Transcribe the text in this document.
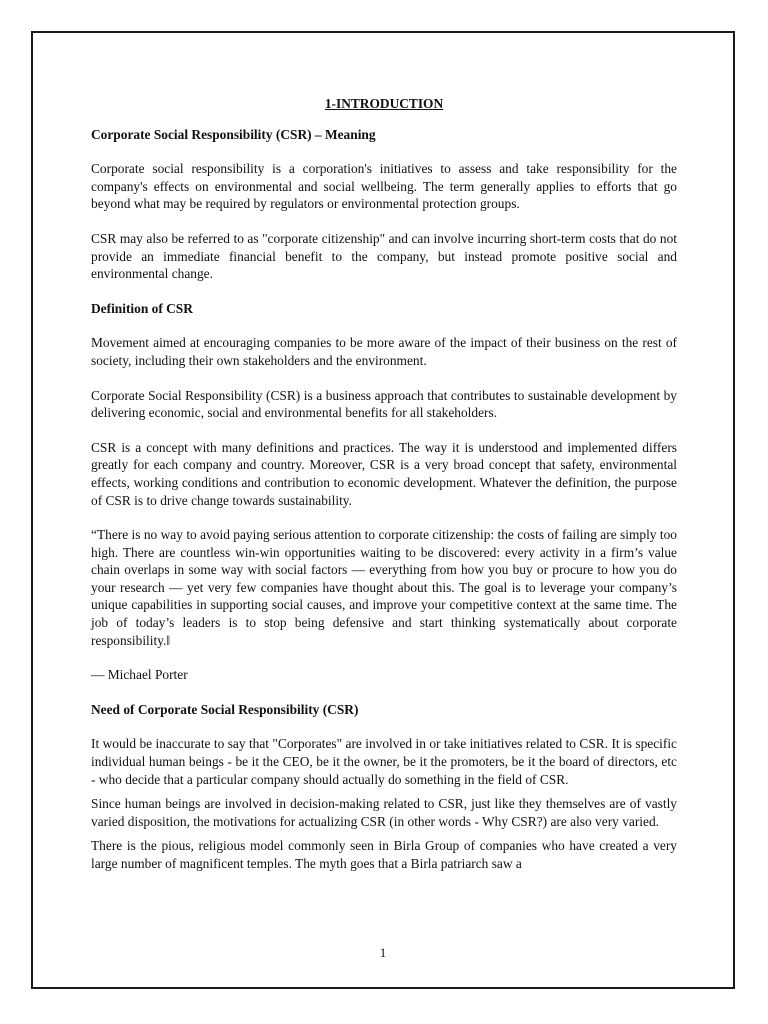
1-INTRODUCTION
Corporate Social Responsibility (CSR) – Meaning

Corporate social responsibility is a corporation's initiatives to assess and take responsibility for the company's effects on environmental and social wellbeing. The term generally applies to efforts that go beyond what may be required by regulators or environmental protection groups.

CSR may also be referred to as "corporate citizenship" and can involve incurring short-term costs that do not provide an immediate financial benefit to the company, but instead promote positive social and environmental change.

Definition of CSR

Movement aimed at encouraging companies to be more aware of the impact of their business on the rest of society, including their own stakeholders and the environment.

Corporate Social Responsibility (CSR) is a business approach that contributes to sustainable development by delivering economic, social and environmental benefits for all stakeholders.

CSR is a concept with many definitions and practices. The way it is understood and implemented differs greatly for each company and country. Moreover, CSR is a very broad concept that safety, environmental effects, working conditions and contribution to economic development. Whatever the definition, the purpose of CSR is to drive change towards sustainability.

“There is no way to avoid paying serious attention to corporate citizenship: the costs of failing are simply too high. There are countless win-win opportunities waiting to be discovered: every activity in a firm’s value chain overlaps in some way with social factors — everything from how you buy or procure to how you do your research — yet very few companies have thought about this. The goal is to leverage your company’s unique capabilities in supporting social causes, and improve your competitive context at the same time. The job of today’s leaders is to stop being defensive and start thinking systematically about corporate responsibility.‖

— Michael Porter

Need of Corporate Social Responsibility (CSR)

It would be inaccurate to say that "Corporates" are involved in or take initiatives related to CSR. It is specific individual human beings - be it the CEO, be it the owner, be it the promoters, be it the board of directors, etc - who decide that a particular company should actually do something in the field of CSR.

Since human beings are involved in decision-making related to CSR, just like they themselves are of vastly varied disposition, the motivations for actualizing CSR (in other words - Why CSR?) are also very varied.

There is the pious, religious model commonly seen in Birla Group of companies who have created a very large number of magnificent temples. The myth goes that a Birla patriarch saw a

1
